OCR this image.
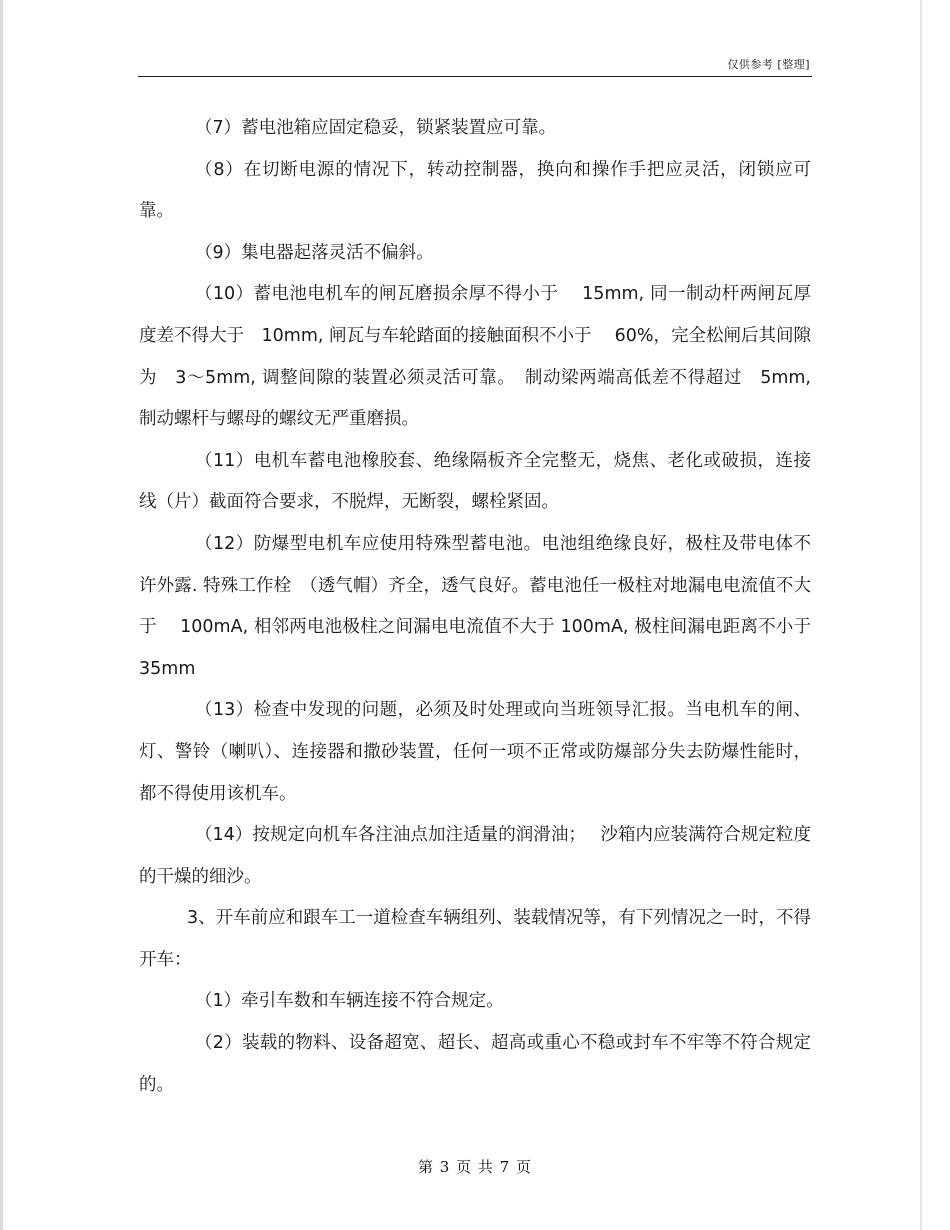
仅供参考 [整理]

（7）蓄电池箱应固定稳妥，锁紧装置应可靠。

（8）在切断电源的情况下，转动控制器，换向和操作手把应灵活，闭锁应可靠。

（9）集电器起落灵活不偏斜。

（10）蓄电池电机车的闸瓦磨损余厚不得小于　 15mm, 同一制动杆两闸瓦厚度差不得大于　10mm, 闸瓦与车轮踏面的接触面积不小于　 60%，完全松闸后其间隙为　3～5mm, 调整间隙的装置必须灵活可靠。　制动梁两端高低差不得超过　5mm, 制动螺杆与螺母的螺纹无严重磨损。

（11）电机车蓄电池橡胶套、绝缘隔板齐全完整无，烧焦、老化或破损，连接线（片）截面符合要求，不脱焊，无断裂，螺栓紧固。

（12）防爆型电机车应使用特殊型蓄电池。电池组绝缘良好，极柱及带电体不许外露. 特殊工作栓　（透气帽）齐全，透气良好。蓄电池任一极柱对地漏电电流值不大于　 100mA, 相邻两电池极柱之间漏电电流值不大于 100mA, 极柱间漏电距离不小于　 35mm

（13）检查中发现的问题，必须及时处理或向当班领导汇报。当电机车的闸、灯、警铃（喇叭）、连接器和撒砂装置，任何一项不正常或防爆部分失去防爆性能时，都不得使用该机车。

（14）按规定向机车各注油点加注适量的润滑油；　 沙箱内应装满符合规定粒度的干燥的细沙。

3、开车前应和跟车工一道检查车辆组列、装载情况等，有下列情况之一时，不得开车：

（1）牵引车数和车辆连接不符合规定。

（2）装载的物料、设备超宽、超长、超高或重心不稳或封车不牢等不符合规定的。

第 3 页 共 7 页
